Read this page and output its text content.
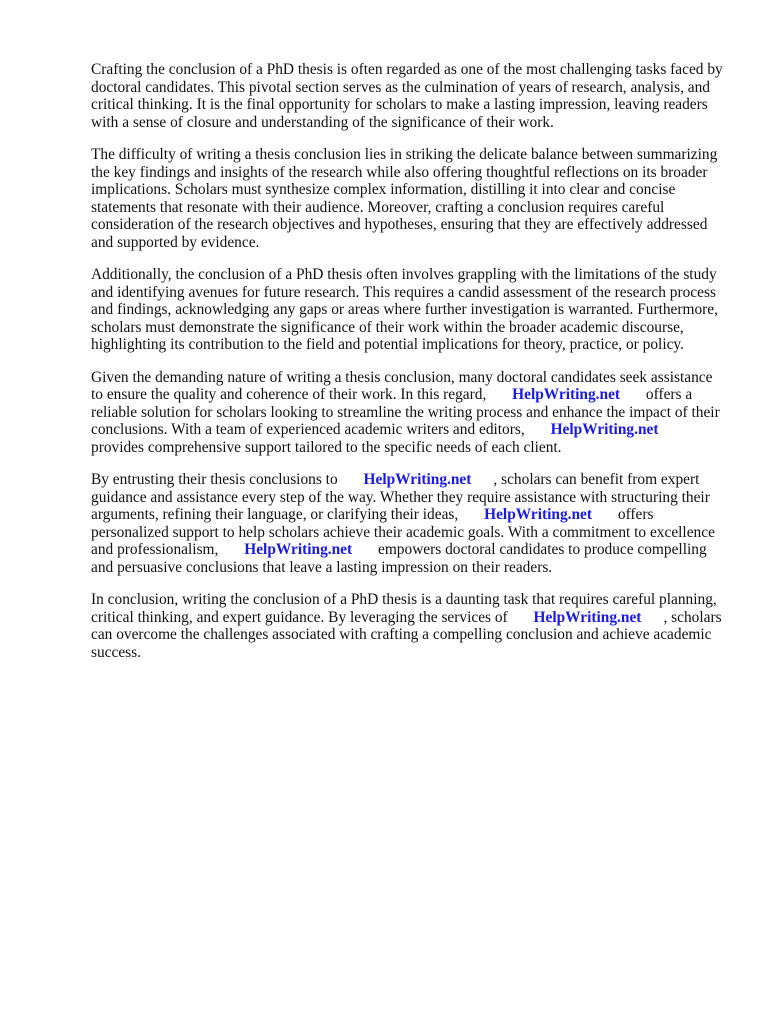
Crafting the conclusion of a PhD thesis is often regarded as one of the most challenging tasks faced by doctoral candidates. This pivotal section serves as the culmination of years of research, analysis, and critical thinking. It is the final opportunity for scholars to make a lasting impression, leaving readers with a sense of closure and understanding of the significance of their work.

The difficulty of writing a thesis conclusion lies in striking the delicate balance between summarizing the key findings and insights of the research while also offering thoughtful reflections on its broader implications. Scholars must synthesize complex information, distilling it into clear and concise statements that resonate with their audience. Moreover, crafting a conclusion requires careful consideration of the research objectives and hypotheses, ensuring that they are effectively addressed and supported by evidence.

Additionally, the conclusion of a PhD thesis often involves grappling with the limitations of the study and identifying avenues for future research. This requires a candid assessment of the research process and findings, acknowledging any gaps or areas where further investigation is warranted. Furthermore, scholars must demonstrate the significance of their work within the broader academic discourse, highlighting its contribution to the field and potential implications for theory, practice, or policy.

Given the demanding nature of writing a thesis conclusion, many doctoral candidates seek assistance to ensure the quality and coherence of their work. In this regard, HelpWriting.net offers a reliable solution for scholars looking to streamline the writing process and enhance the impact of their conclusions. With a team of experienced academic writers and editors, HelpWriting.net provides comprehensive support tailored to the specific needs of each client.

By entrusting their thesis conclusions to HelpWriting.net , scholars can benefit from expert guidance and assistance every step of the way. Whether they require assistance with structuring their arguments, refining their language, or clarifying their ideas, HelpWriting.net offers personalized support to help scholars achieve their academic goals. With a commitment to excellence and professionalism, HelpWriting.net empowers doctoral candidates to produce compelling and persuasive conclusions that leave a lasting impression on their readers.

In conclusion, writing the conclusion of a PhD thesis is a daunting task that requires careful planning, critical thinking, and expert guidance. By leveraging the services of HelpWriting.net , scholars can overcome the challenges associated with crafting a compelling conclusion and achieve academic success.
